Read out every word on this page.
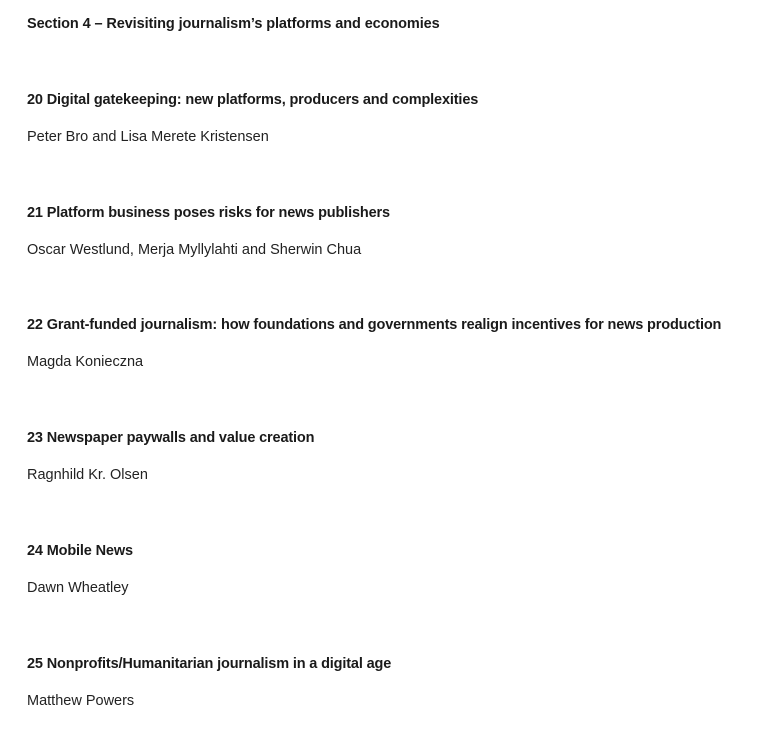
Section 4 – Revisiting journalism’s platforms and economies
20 Digital gatekeeping: new platforms, producers and complexities
Peter Bro and Lisa Merete Kristensen
21 Platform business poses risks for news publishers
Oscar Westlund, Merja Myllylahti and Sherwin Chua
22 Grant-funded journalism: how foundations and governments realign incentives for news production
Magda Konieczna
23 Newspaper paywalls and value creation
Ragnhild Kr. Olsen
24 Mobile News
Dawn Wheatley
25 Nonprofits/Humanitarian journalism in a digital age
Matthew Powers
